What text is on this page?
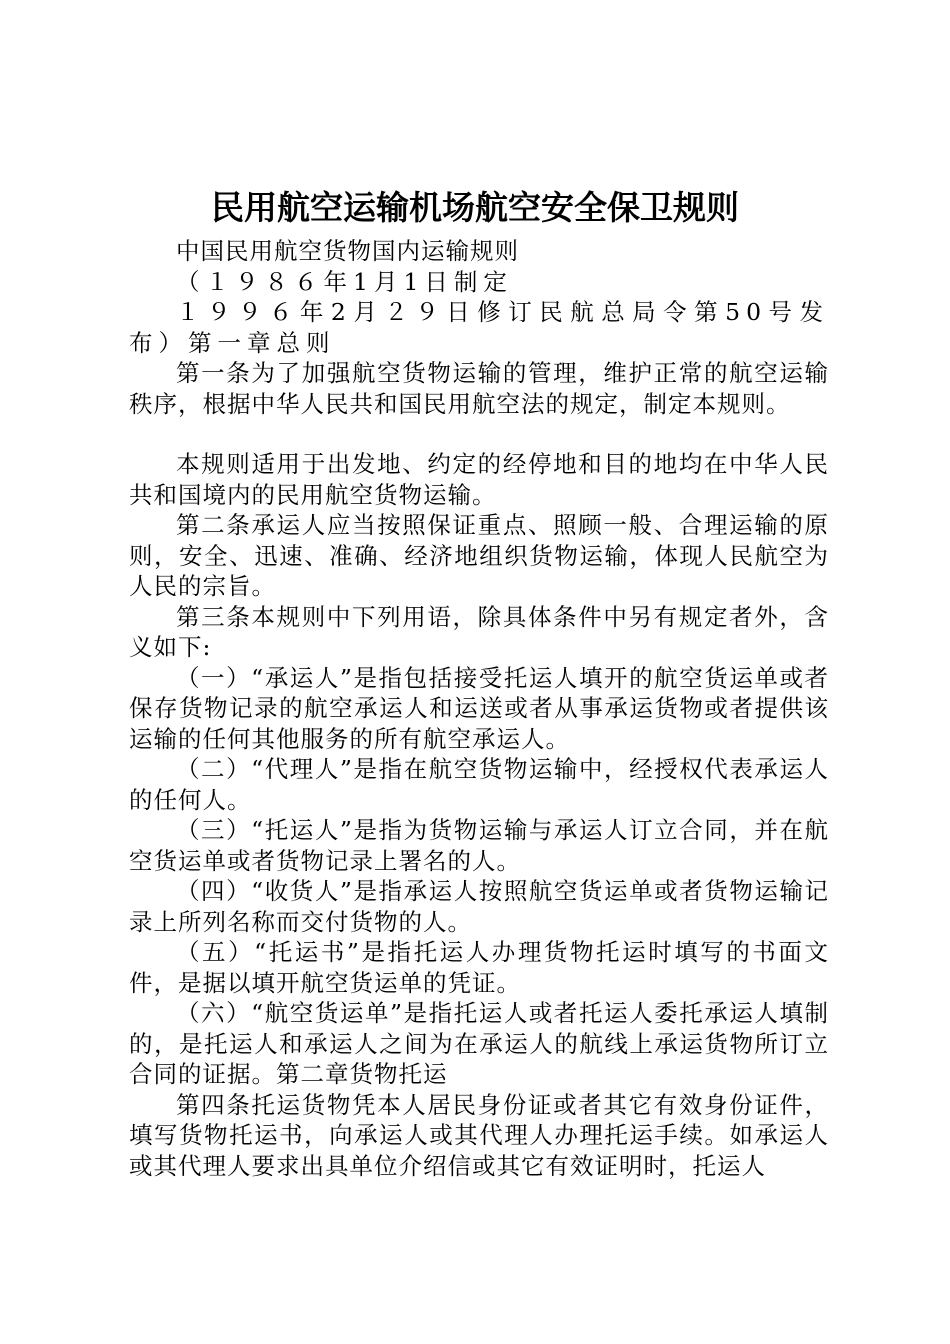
民用航空运输机场航空安全保卫规则

中国民用航空货物国内运输规则

（１９８６年1月1日制定

１９９６年2月２９日修订民航总局令第50号发布）第一章总则

第一条为了加强航空货物运输的管理，维护正常的航空运输秩序，根据中华人民共和国民用航空法的规定，制定本规则。

本规则适用于出发地、约定的经停地和目的地均在中华人民共和国境内的民用航空货物运输。

第二条承运人应当按照保证重点、照顾一般、合理运输的原则，安全、迅速、准确、经济地组织货物运输，体现人民航空为人民的宗旨。

第三条本规则中下列用语，除具体条件中另有规定者外，含义如下:

（一）“承运人”是指包括接受托运人填开的航空货运单或者保存货物记录的航空承运人和运送或者从事承运货物或者提供该运输的任何其他服务的所有航空承运人。

（二）“代理人”是指在航空货物运输中，经授权代表承运人的任何人。

（三）“托运人”是指为货物运输与承运人订立合同，并在航空货运单或者货物记录上署名的人。

（四）“收货人”是指承运人按照航空货运单或者货物运输记录上所列名称而交付货物的人。

（五）“托运书”是指托运人办理货物托运时填写的书面文件，是据以填开航空货运单的凭证。

（六）“航空货运单”是指托运人或者托运人委托承运人填制的，是托运人和承运人之间为在承运人的航线上承运货物所订立合同的证据。第二章货物托运

第四条托运货物凭本人居民身份证或者其它有效身份证件，填写货物托运书，向承运人或其代理人办理托运手续。如承运人或其代理人要求出具单位介绍信或其它有效证明时，托运人
